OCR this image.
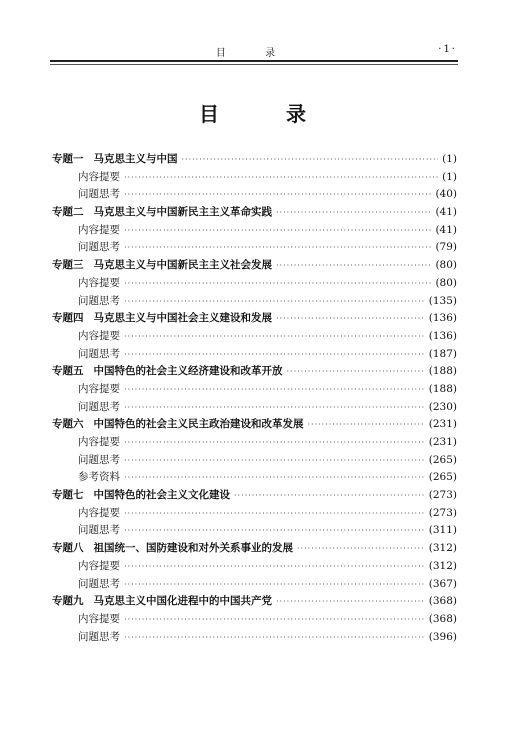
目 录	·1·
目 录
专题一 马克思主义与中国 ·····	(1)
内容提要 ·····	(1)
问题思考 ·····	(40)
专题二 马克思主义与中国新民主主义革命实践 ·····	(41)
内容提要 ·····	(41)
问题思考 ·····	(79)
专题三 马克思主义与中国新民主主义社会发展 ·····	(80)
内容提要 ·····	(80)
问题思考 ·····	(135)
专题四 马克思主义与中国社会主义建设和发展 ·····	(136)
内容提要 ·····	(136)
问题思考 ·····	(187)
专题五 中国特色的社会主义经济建设和改革开放 ·····	(188)
内容提要 ·····	(188)
问题思考 ·····	(230)
专题六 中国特色的社会主义民主政治建设和改革发展 ·····	(231)
内容提要 ·····	(231)
问题思考 ·····	(265)
参考资料 ·····	(265)
专题七 中国特色的社会主义文化建设 ·····	(273)
内容提要 ·····	(273)
问题思考 ·····	(311)
专题八 祖国统一、国防建设和对外关系事业的发展 ·····	(312)
内容提要 ·····	(312)
问题思考 ·····	(367)
专题九 马克思主义中国化进程中的中国共产党 ·····	(368)
内容提要 ·····	(368)
问题思考 ·····	(396)
